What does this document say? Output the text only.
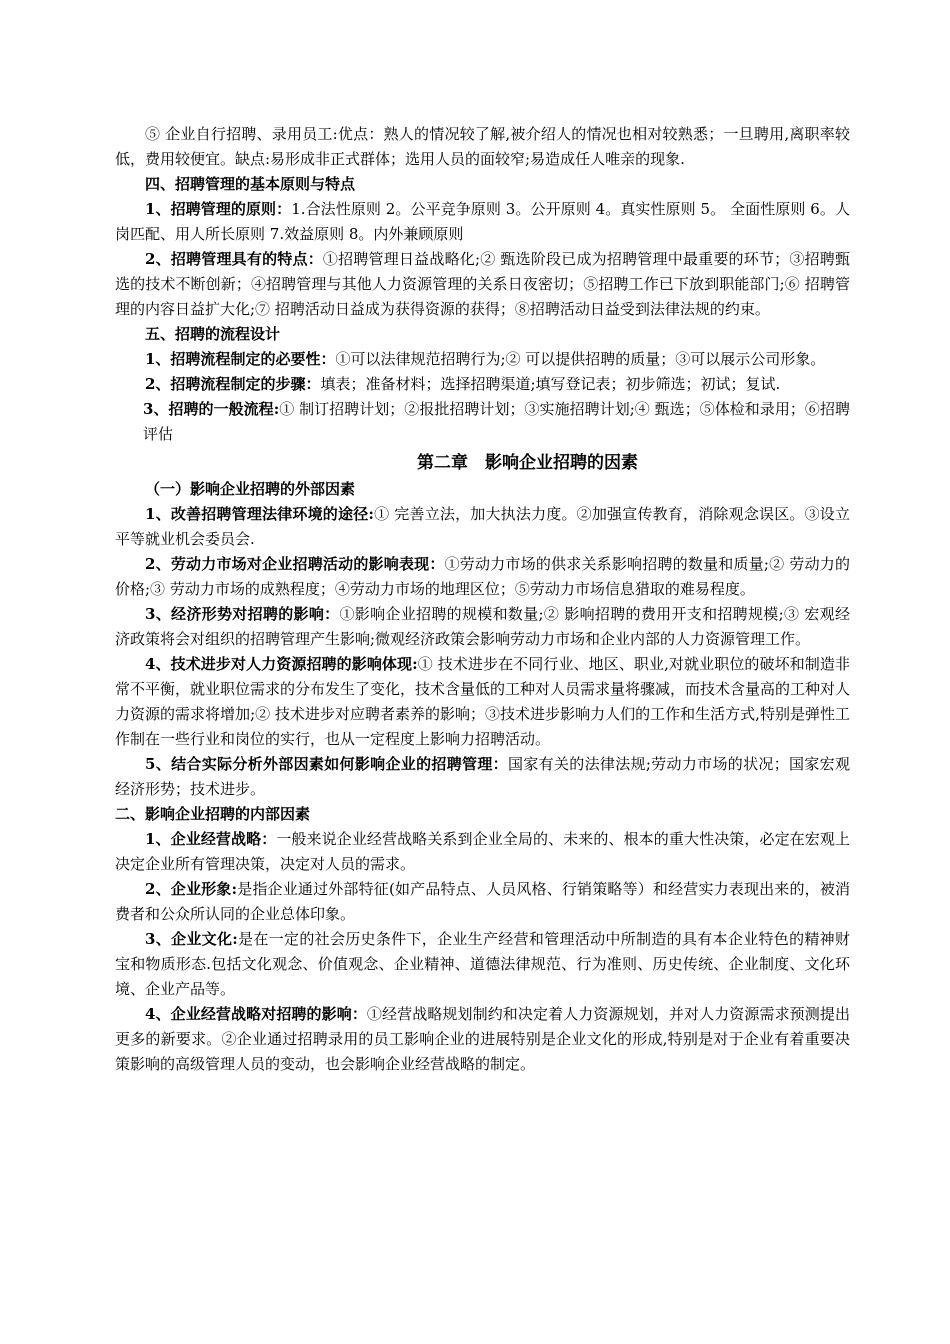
⑤ 企业自行招聘、录用员工:优点：熟人的情况较了解,被介绍人的情况也相对较熟悉；一旦聘用,离职率较低，费用较便宜。缺点:易形成非正式群体；选用人员的面较窄;易造成任人唯亲的现象.

四、招聘管理的基本原则与特点

1、招聘管理的原则：1.合法性原则 2。公平竞争原则 3。公开原则 4。真实性原则 5。 全面性原则 6。人岗匹配、用人所长原则 7.效益原则 8。内外兼顾原则

2、招聘管理具有的特点：①招聘管理日益战略化;② 甄选阶段已成为招聘管理中最重要的环节；③招聘甄选的技术不断创新；④招聘管理与其他人力资源管理的关系日夜密切；⑤招聘工作已下放到职能部门;⑥ 招聘管理的内容日益扩大化;⑦ 招聘活动日益成为获得资源的获得；⑧招聘活动日益受到法律法规的约束。

五、招聘的流程设计

1、招聘流程制定的必要性：①可以法律规范招聘行为;② 可以提供招聘的质量；③可以展示公司形象。

2、招聘流程制定的步骤：填表；准备材料；选择招聘渠道;填写登记表；初步筛选；初试；复试.

3、招聘的一般流程:① 制订招聘计划；②报批招聘计划；③实施招聘计划;④ 甄选；⑤体检和录用；⑥招聘评估

第二章　影响企业招聘的因素

（一）影响企业招聘的外部因素

1、改善招聘管理法律环境的途径:① 完善立法，加大执法力度。②加强宣传教育，消除观念误区。③设立平等就业机会委员会.

2、劳动力市场对企业招聘活动的影响表现：①劳动力市场的供求关系影响招聘的数量和质量;② 劳动力的价格;③ 劳动力市场的成熟程度；④劳动力市场的地理区位；⑤劳动力市场信息猎取的难易程度。

3、经济形势对招聘的影响：①影响企业招聘的规模和数量;② 影响招聘的费用开支和招聘规模;③ 宏观经济政策将会对组织的招聘管理产生影响;微观经济政策会影响劳动力市场和企业内部的人力资源管理工作。

4、技术进步对人力资源招聘的影响体现:① 技术进步在不同行业、地区、职业,对就业职位的破坏和制造非常不平衡，就业职位需求的分布发生了变化，技术含量低的工种对人员需求量将骤减，而技术含量高的工种对人力资源的需求将增加;② 技术进步对应聘者素养的影响；③技术进步影响力人们的工作和生活方式,特别是弹性工作制在一些行业和岗位的实行，也从一定程度上影响力招聘活动。

5、结合实际分析外部因素如何影响企业的招聘管理：国家有关的法律法规;劳动力市场的状况；国家宏观经济形势；技术进步。

二、影响企业招聘的内部因素

1、企业经营战略：一般来说企业经营战略关系到企业全局的、未来的、根本的重大性决策，必定在宏观上决定企业所有管理决策，决定对人员的需求。

2、企业形象:是指企业通过外部特征(如产品特点、人员风格、行销策略等）和经营实力表现出来的，被消费者和公众所认同的企业总体印象。

3、企业文化:是在一定的社会历史条件下，企业生产经营和管理活动中所制造的具有本企业特色的精神财宝和物质形态.包括文化观念、价值观念、企业精神、道德法律规范、行为准则、历史传统、企业制度、文化环境、企业产品等。

4、企业经营战略对招聘的影响：①经营战略规划制约和决定着人力资源规划，并对人力资源需求预测提出更多的新要求。②企业通过招聘录用的员工影响企业的进展特别是企业文化的形成,特别是对于企业有着重要决策影响的高级管理人员的变动，也会影响企业经营战略的制定。
